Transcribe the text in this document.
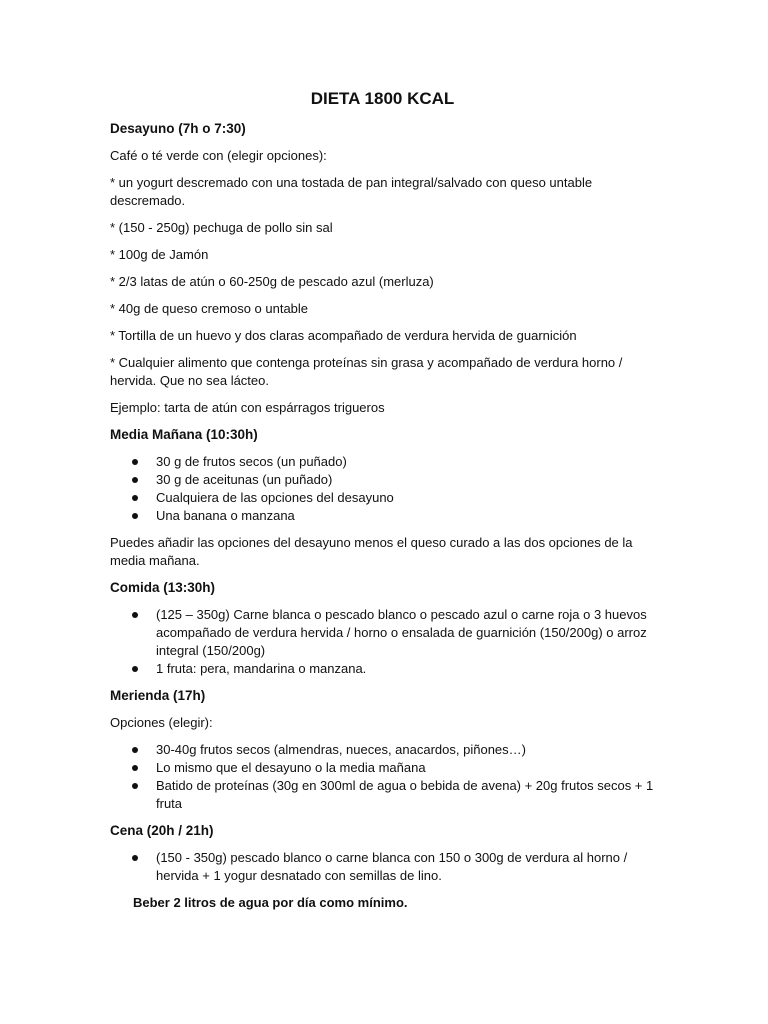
DIETA 1800 KCAL
Desayuno (7h o 7:30)

Café o té verde con (elegir opciones):

* un yogurt descremado con una tostada de pan integral/salvado con queso untable descremado.

* (150 - 250g) pechuga de pollo sin sal

* 100g de Jamón

* 2/3 latas de atún o 60-250g de pescado azul (merluza)

* 40g de queso cremoso o untable

* Tortilla de un huevo y dos claras acompañado de verdura hervida de guarnición

* Cualquier alimento que contenga proteínas sin grasa y acompañado de verdura horno / hervida. Que no sea lácteo.

Ejemplo: tarta de atún con espárragos trigueros

Media Mañana (10:30h)
30 g de frutos secos (un puñado)
30 g de aceitunas (un puñado)
Cualquiera de las opciones del desayuno
Una banana o manzana

Puedes añadir las opciones del desayuno menos el queso curado a las dos opciones de la media mañana.

Comida (13:30h)
(125 – 350g) Carne blanca o pescado blanco o pescado azul o carne roja o 3 huevos acompañado de verdura hervida / horno o ensalada de guarnición (150/200g) o arroz integral (150/200g)
1 fruta: pera, mandarina o manzana.
Merienda (17h)

Opciones (elegir):

30-40g frutos secos (almendras, nueces, anacardos, piñones…)
Lo mismo que el desayuno o la media mañana
Batido de proteínas (30g en 300ml de agua o bebida de avena) + 20g frutos secos + 1 fruta
Cena (20h / 21h)
(150 - 350g) pescado blanco o carne blanca con 150 o 300g de verdura al horno / hervida + 1 yogur desnatado con semillas de lino.

Beber 2 litros de agua por día como mínimo.
